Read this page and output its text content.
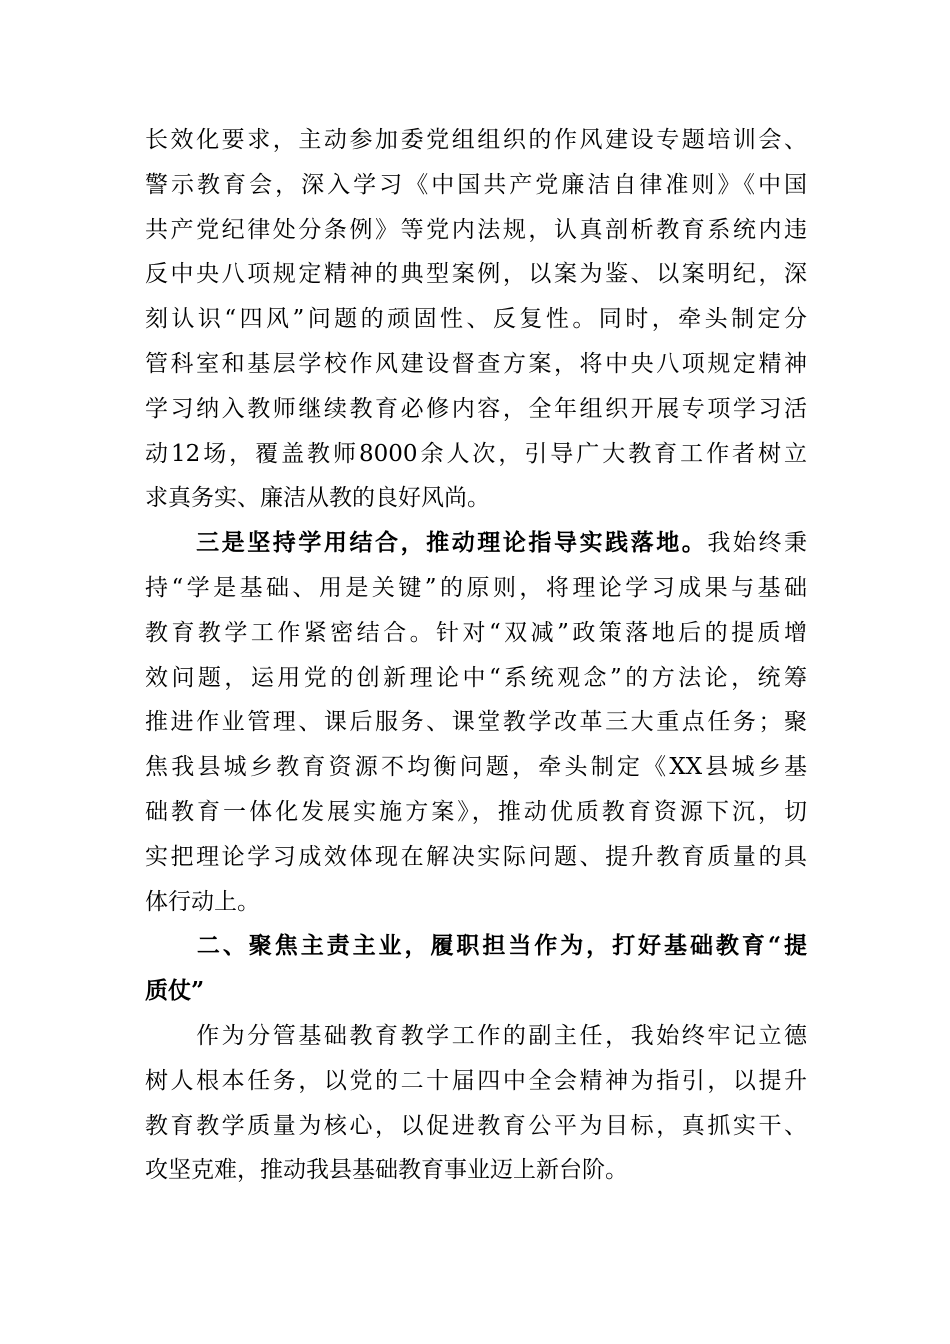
长效化要求，主动参加委党组组织的作风建设专题培训会、
警示教育会，深入学习《中国共产党廉洁自律准则》《中国
共产党纪律处分条例》等党内法规，认真剖析教育系统内违
反中央八项规定精神的典型案例，以案为鉴、以案明纪，深
刻认识“四风”问题的顽固性、反复性。同时，牵头制定分
管科室和基层学校作风建设督查方案，将中央八项规定精神
学习纳入教师继续教育必修内容，全年组织开展专项学习活
动12场，覆盖教师8000余人次，引导广大教育工作者树立
求真务实、廉洁从教的良好风尚。
　　三是坚持学用结合，推动理论指导实践落地。我始终秉
持“学是基础、用是关键”的原则，将理论学习成果与基础
教育教学工作紧密结合。针对“双减”政策落地后的提质增
效问题，运用党的创新理论中“系统观念”的方法论，统筹
推进作业管理、课后服务、课堂教学改革三大重点任务；聚
焦我县城乡教育资源不均衡问题，牵头制定《XX县城乡基
础教育一体化发展实施方案》，推动优质教育资源下沉，切
实把理论学习成效体现在解决实际问题、提升教育质量的具
体行动上。
　　二、聚焦主责主业，履职担当作为，打好基础教育“提
质仗”
　　作为分管基础教育教学工作的副主任，我始终牢记立德
树人根本任务，以党的二十届四中全会精神为指引，以提升
教育教学质量为核心，以促进教育公平为目标，真抓实干、
攻坚克难，推动我县基础教育事业迈上新台阶。
